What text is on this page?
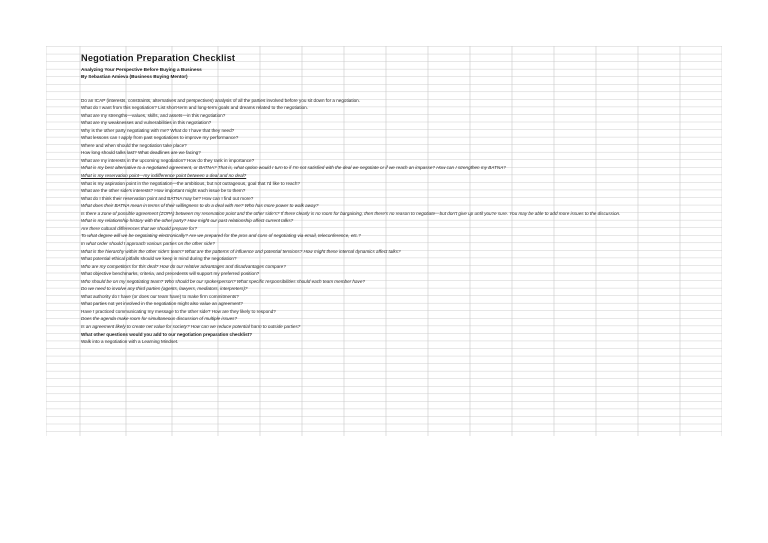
Negotiation Preparation Checklist
Analyzing Your Perspective Before Buying a Business
By Sebastian Amieva (Business Buying Mentor)
Do an ICAP (interests, constraints, alternatives and perspectives) analysis of all the parties involved before you sit down for a negotiation.
What do I want from this negotiation? List short-term and long-term goals and dreams related to the negotiation.
What are my strengths—values, skills, and assets—in this negotiation?
What are my weaknesses and vulnerabilities in this negotiation?
Why is the other party negotiating with me? What do I have that they need?
What lessons can I apply from past negotiations to improve my performance?
Where and when should the negotiation take place?
How long should talks last? What deadlines are we facing?
What are my interests in the upcoming negotiation? How do they rank in importance?
What is my best alternative to a negotiated agreement, or BATNA? That is, what option would I turn to if I'm not satisfied with the deal we negotiate or if we reach an impasse? How can I strengthen my BATNA?
What is my reservation point—my indifference point between a deal and no deal?
What is my aspiration point in the negotiation—the ambitious, but not outrageous, goal that I'd like to reach?
What are the other side's interests? How important might each issue be to them?
What do I think their reservation point and BATNA may be? How can I find out more?
What does their BATNA mean in terms of their willingness to do a deal with me? Who has more power to walk away?
Is there a zone of possible agreement (ZOPA) between my reservation point and the other side's? If there clearly is no room for bargaining, then there's no reason to negotiate—but don't give up until you're sure. You may be able to add more issues to the discussion.
What is my relationship history with the other party? How might our past relationship affect current talks?
Are there cultural differences that we should prepare for?
To what degree will we be negotiating electronically? Are we prepared for the pros and cons of negotiating via email, teleconference, etc.?
In what order should I approach various parties on the other side?
What is the hierarchy within the other side's team? What are the patterns of influence and potential tensions? How might these internal dynamics affect talks?
What potential ethical pitfalls should we keep in mind during the negotiation?
Who are my competitors for this deal? How do our relative advantages and disadvantages compare?
What objective benchmarks, criteria, and precedents will support my preferred position?
Who should be on my negotiating team? Who should be our spokesperson? What specific responsibilities should each team member have?
Do we need to involve any third parties (agents, lawyers, mediators, interpreters)?
What authority do I have (or does our team have) to make firm commitments?
What parties not yet involved in the negotiation might also value an agreement?
Have I practiced communicating my message to the other side? How are they likely to respond?
Does the agenda make room for simultaneous discussion of multiple issues?
Is an agreement likely to create net value for society? How can we reduce potential harm to outside parties?
What other questions would you add to our negotiation preparation checklist?
Walk into a negotiation with a Learning Mindset.
